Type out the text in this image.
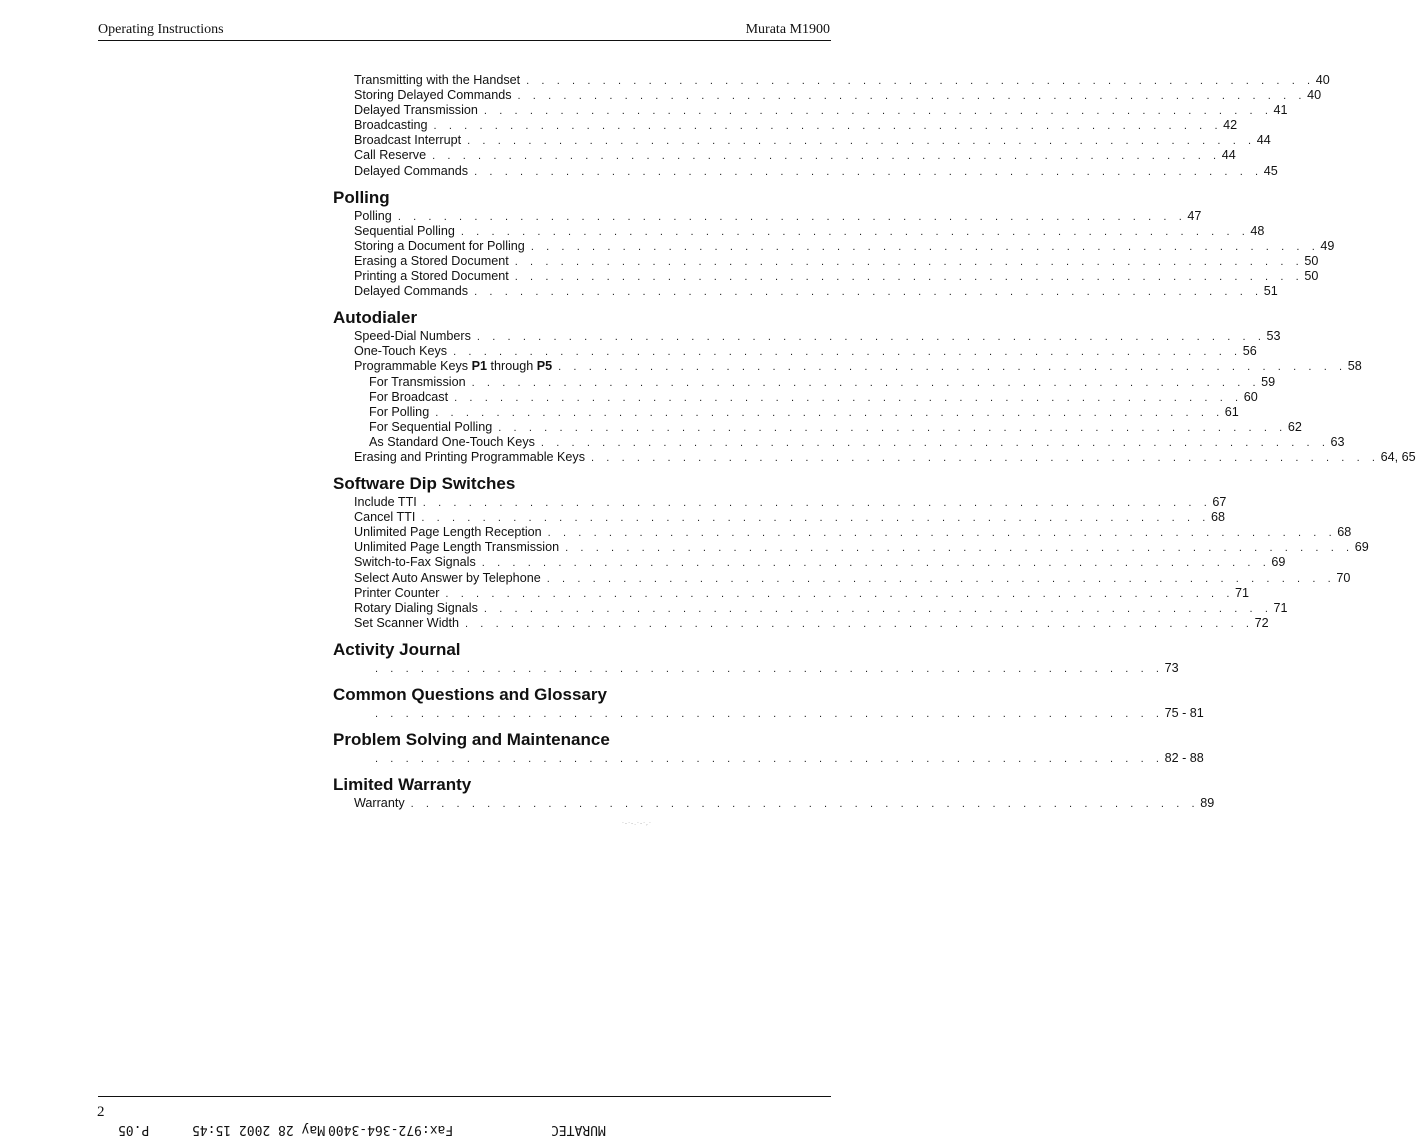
Operating Instructions	Murata M1900
Transmitting with the Handset . . . . . . . . . . . . . . . . . . . . . . . . . . . . . . . . . . . . . . . . . . . . . . . . . . . . 40
Storing Delayed Commands . . . . . . . . . . . . . . . . . . . . . . . . . . . . . . . . . . . . . . . . . . . . . . . . . . . . 40
Delayed Transmission . . . . . . . . . . . . . . . . . . . . . . . . . . . . . . . . . . . . . . . . . . . . . . . . . . . . 41
Broadcasting . . . . . . . . . . . . . . . . . . . . . . . . . . . . . . . . . . . . . . . . . . . . . . . . . . . . 42
Broadcast Interrupt . . . . . . . . . . . . . . . . . . . . . . . . . . . . . . . . . . . . . . . . . . . . . . . . . . . . 44
Call Reserve . . . . . . . . . . . . . . . . . . . . . . . . . . . . . . . . . . . . . . . . . . . . . . . . . . . . 44
Delayed Commands . . . . . . . . . . . . . . . . . . . . . . . . . . . . . . . . . . . . . . . . . . . . . . . . . . . . 45
Polling
Polling . . . . . . . . . . . . . . . . . . . . . . . . . . . . . . . . . . . . . . . . . . . . . . . . . . . . 47
Sequential Polling . . . . . . . . . . . . . . . . . . . . . . . . . . . . . . . . . . . . . . . . . . . . . . . . . . . . 48
Storing a Document for Polling . . . . . . . . . . . . . . . . . . . . . . . . . . . . . . . . . . . . . . . . . . . . . . . . . . . . 49
Erasing a Stored Document . . . . . . . . . . . . . . . . . . . . . . . . . . . . . . . . . . . . . . . . . . . . . . . . . . . . 50
Printing a Stored Document . . . . . . . . . . . . . . . . . . . . . . . . . . . . . . . . . . . . . . . . . . . . . . . . . . . . 50
Delayed Commands . . . . . . . . . . . . . . . . . . . . . . . . . . . . . . . . . . . . . . . . . . . . . . . . . . . . 51
Autodialer
Speed-Dial Numbers . . . . . . . . . . . . . . . . . . . . . . . . . . . . . . . . . . . . . . . . . . . . . . . . . . . . 53
One-Touch Keys . . . . . . . . . . . . . . . . . . . . . . . . . . . . . . . . . . . . . . . . . . . . . . . . . . . . 56
Programmable Keys P1 through P5 . . . . . . . . . . . . . . . . . . . . . . . . . . . . . . . . . . . . . . . . . . . . . . . . . . . . 58
For Transmission . . . . . . . . . . . . . . . . . . . . . . . . . . . . . . . . . . . . . . . . . . . . . . . . . . . . 59
For Broadcast . . . . . . . . . . . . . . . . . . . . . . . . . . . . . . . . . . . . . . . . . . . . . . . . . . . . 60
For Polling . . . . . . . . . . . . . . . . . . . . . . . . . . . . . . . . . . . . . . . . . . . . . . . . . . . . 61
For Sequential Polling . . . . . . . . . . . . . . . . . . . . . . . . . . . . . . . . . . . . . . . . . . . . . . . . . . . . 62
As Standard One-Touch Keys . . . . . . . . . . . . . . . . . . . . . . . . . . . . . . . . . . . . . . . . . . . . . . . . . . . . 63
Erasing and Printing Programmable Keys . . . . . . . . . . . . . . . . . . . . . . . . . . . . . . . . . . . . . . . . . . . . . . . . . . . . 64, 65
Software Dip Switches
Include TTI . . . . . . . . . . . . . . . . . . . . . . . . . . . . . . . . . . . . . . . . . . . . . . . . . . . . 67
Cancel TTI . . . . . . . . . . . . . . . . . . . . . . . . . . . . . . . . . . . . . . . . . . . . . . . . . . . . 68
Unlimited Page Length Reception . . . . . . . . . . . . . . . . . . . . . . . . . . . . . . . . . . . . . . . . . . . . . . . . . . . . 68
Unlimited Page Length Transmission . . . . . . . . . . . . . . . . . . . . . . . . . . . . . . . . . . . . . . . . . . . . . . . . . . . . 69
Switch-to-Fax Signals . . . . . . . . . . . . . . . . . . . . . . . . . . . . . . . . . . . . . . . . . . . . . . . . . . . . 69
Select Auto Answer by Telephone . . . . . . . . . . . . . . . . . . . . . . . . . . . . . . . . . . . . . . . . . . . . . . . . . . . . 70
Printer Counter . . . . . . . . . . . . . . . . . . . . . . . . . . . . . . . . . . . . . . . . . . . . . . . . . . . . 71
Rotary Dialing Signals . . . . . . . . . . . . . . . . . . . . . . . . . . . . . . . . . . . . . . . . . . . . . . . . . . . . 71
Set Scanner Width . . . . . . . . . . . . . . . . . . . . . . . . . . . . . . . . . . . . . . . . . . . . . . . . . . . . 72
Activity Journal
. . . . . . . . . . . . . . . . . . . . . . . . . . . . . . . . . . . . . . . . . . . . . . . . . . . . 73
Common Questions and Glossary
. . . . . . . . . . . . . . . . . . . . . . . . . . . . . . . . . . . . . . . . . . . . . . . . . . . . 75 - 81
Problem Solving and Maintenance
. . . . . . . . . . . . . . . . . . . . . . . . . . . . . . . . . . . . . . . . . . . . . . . . . . . . 82 - 88
Limited Warranty
Warranty . . . . . . . . . . . . . . . . . . . . . . . . . . . . . . . . . . . . . . . . . . . . . . . . . . . . 89
·-·-.·-·,·
2
P.05	May 28 2002 15:45 Fax:972-364-3400	MURATEC
